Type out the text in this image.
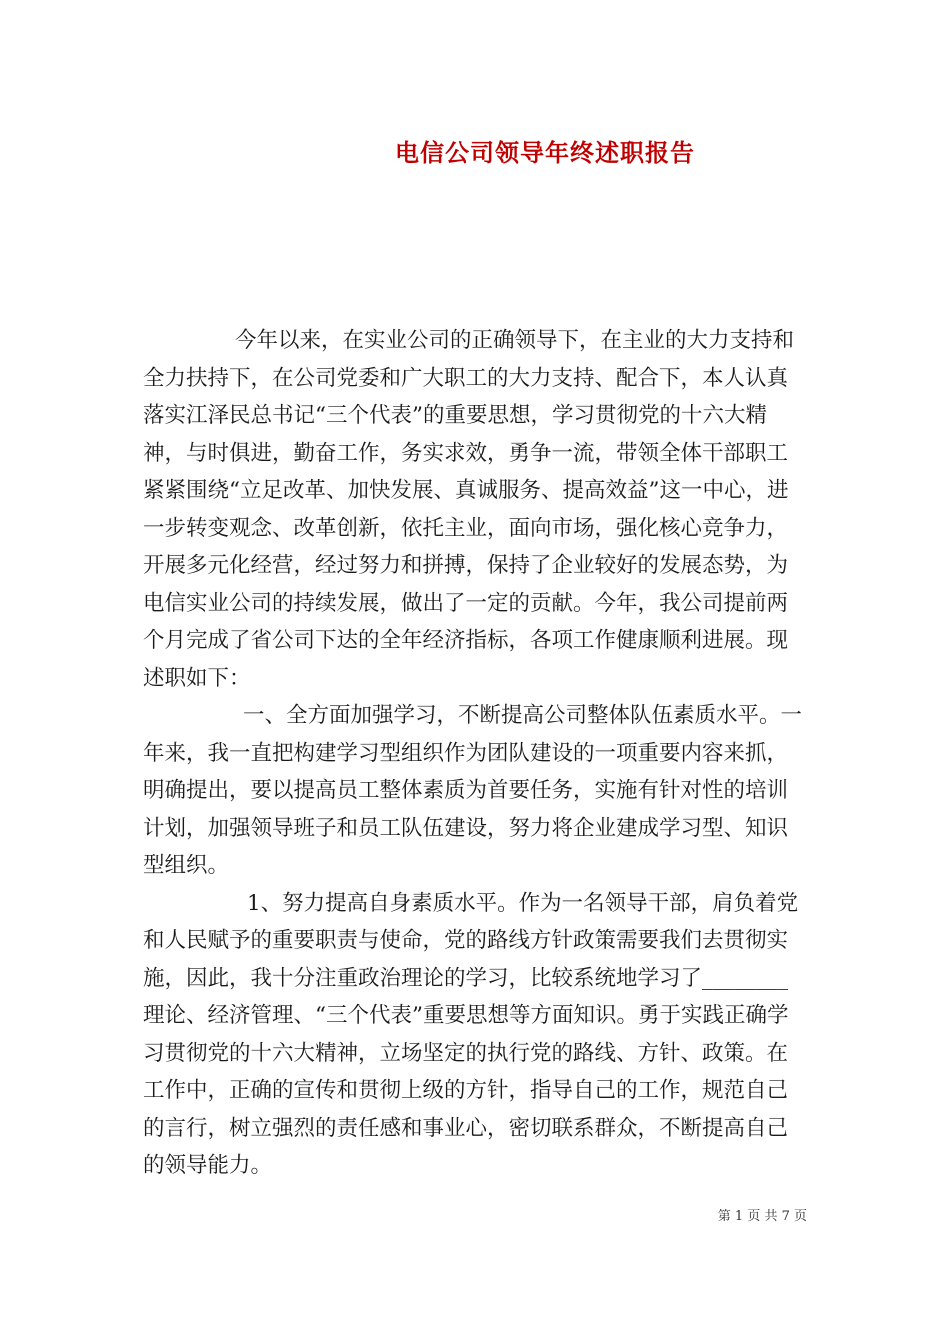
电信公司领导年终述职报告

今年以来，在实业公司的正确领导下，在主业的大力支持和全力扶持下，在公司党委和广大职工的大力支持、配合下，本人认真落实江泽民总书记“三个代表”的重要思想，学习贯彻党的十六大精神，与时俱进，勤奋工作，务实求效，勇争一流，带领全体干部职工紧紧围绕“立足改革、加快发展、真诚服务、提高效益”这一中心，进一步转变观念、改革创新，依托主业，面向市场，强化核心竞争力，开展多元化经营，经过努力和拼搏，保持了企业较好的发展态势，为电信实业公司的持续发展，做出了一定的贡献。今年，我公司提前两个月完成了省公司下达的全年经济指标，各项工作健康顺利进展。现述职如下：

一、全方面加强学习，不断提高公司整体队伍素质水平。一年来，我一直把构建学习型组织作为团队建设的一项重要内容来抓，明确提出，要以提高员工整体素质为首要任务，实施有针对性的培训计划，加强领导班子和员工队伍建设，努力将企业建成学习型、知识型组织。

1、努力提高自身素质水平。作为一名领导干部，肩负着党和人民赋予的重要职责与使命，党的路线方针政策需要我们去贯彻实施，因此，我十分注重政治理论的学习，比较系统地学习了________理论、经济管理、“三个代表”重要思想等方面知识。勇于实践正确学习贯彻党的十六大精神，立场坚定的执行党的路线、方针、政策。在工作中，正确的宣传和贯彻上级的方针，指导自己的工作，规范自己的言行，树立强烈的责任感和事业心，密切联系群众，不断提高自己的领导能力。

第 1 页 共 7 页
